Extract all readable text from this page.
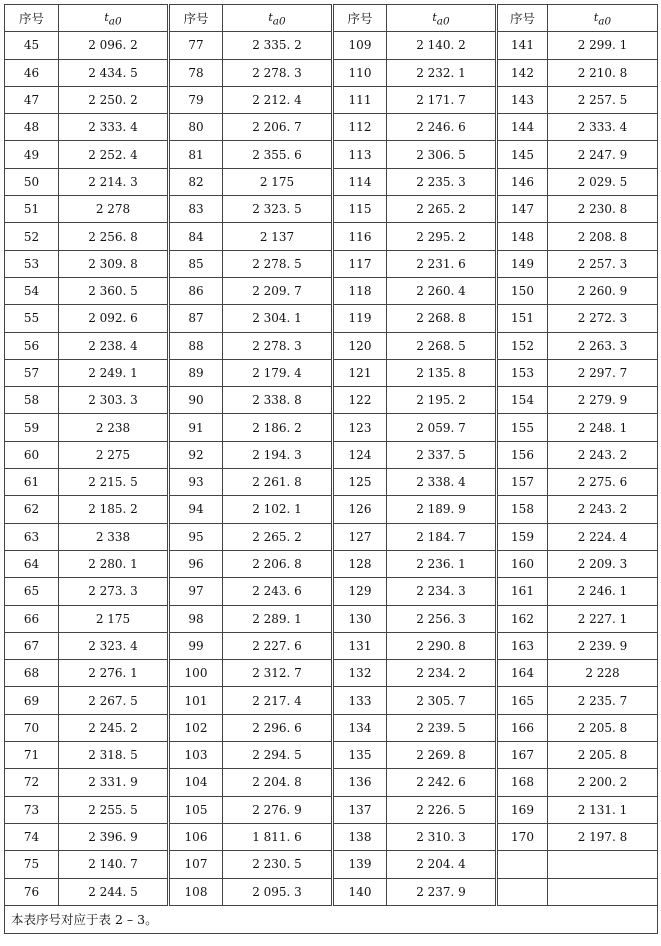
序号	$t_{a0}$	序号	$t_{a0}$	序号	$t_{a0}$	序号	$t_{a0}$
45	2 096. 2	77	2 335. 2	109	2 140. 2	141	2 299. 1
46	2 434. 5	78	2 278. 3	110	2 232. 1	142	2 210. 8
47	2 250. 2	79	2 212. 4	111	2 171. 7	143	2 257. 5
48	2 333. 4	80	2 206. 7	112	2 246. 6	144	2 333. 4
49	2 252. 4	81	2 355. 6	113	2 306. 5	145	2 247. 9
50	2 214. 3	82	2 175	114	2 235. 3	146	2 029. 5
51	2 278	83	2 323. 5	115	2 265. 2	147	2 230. 8
52	2 256. 8	84	2 137	116	2 295. 2	148	2 208. 8
53	2 309. 8	85	2 278. 5	117	2 231. 6	149	2 257. 3
54	2 360. 5	86	2 209. 7	118	2 260. 4	150	2 260. 9
55	2 092. 6	87	2 304. 1	119	2 268. 8	151	2 272. 3
56	2 238. 4	88	2 278. 3	120	2 268. 5	152	2 263. 3
57	2 249. 1	89	2 179. 4	121	2 135. 8	153	2 297. 7
58	2 303. 3	90	2 338. 8	122	2 195. 2	154	2 279. 9
59	2 238	91	2 186. 2	123	2 059. 7	155	2 248. 1
60	2 275	92	2 194. 3	124	2 337. 5	156	2 243. 2
61	2 215. 5	93	2 261. 8	125	2 338. 4	157	2 275. 6
62	2 185. 2	94	2 102. 1	126	2 189. 9	158	2 243. 2
63	2 338	95	2 265. 2	127	2 184. 7	159	2 224. 4
64	2 280. 1	96	2 206. 8	128	2 236. 1	160	2 209. 3
65	2 273. 3	97	2 243. 6	129	2 234. 3	161	2 246. 1
66	2 175	98	2 289. 1	130	2 256. 3	162	2 227. 1
67	2 323. 4	99	2 227. 6	131	2 290. 8	163	2 239. 9
68	2 276. 1	100	2 312. 7	132	2 234. 2	164	2 228
69	2 267. 5	101	2 217. 4	133	2 305. 7	165	2 235. 7
70	2 245. 2	102	2 296. 6	134	2 239. 5	166	2 205. 8
71	2 318. 5	103	2 294. 5	135	2 269. 8	167	2 205. 8
72	2 331. 9	104	2 204. 8	136	2 242. 6	168	2 200. 2
73	2 255. 5	105	2 276. 9	137	2 226. 5	169	2 131. 1
74	2 396. 9	106	1 811. 6	138	2 310. 3	170	2 197. 8
75	2 140. 7	107	2 230. 5	139	2 204. 4		
76	2 244. 5	108	2 095. 3	140	2 237. 9		
本表序号对应于表 2 – 3。							
